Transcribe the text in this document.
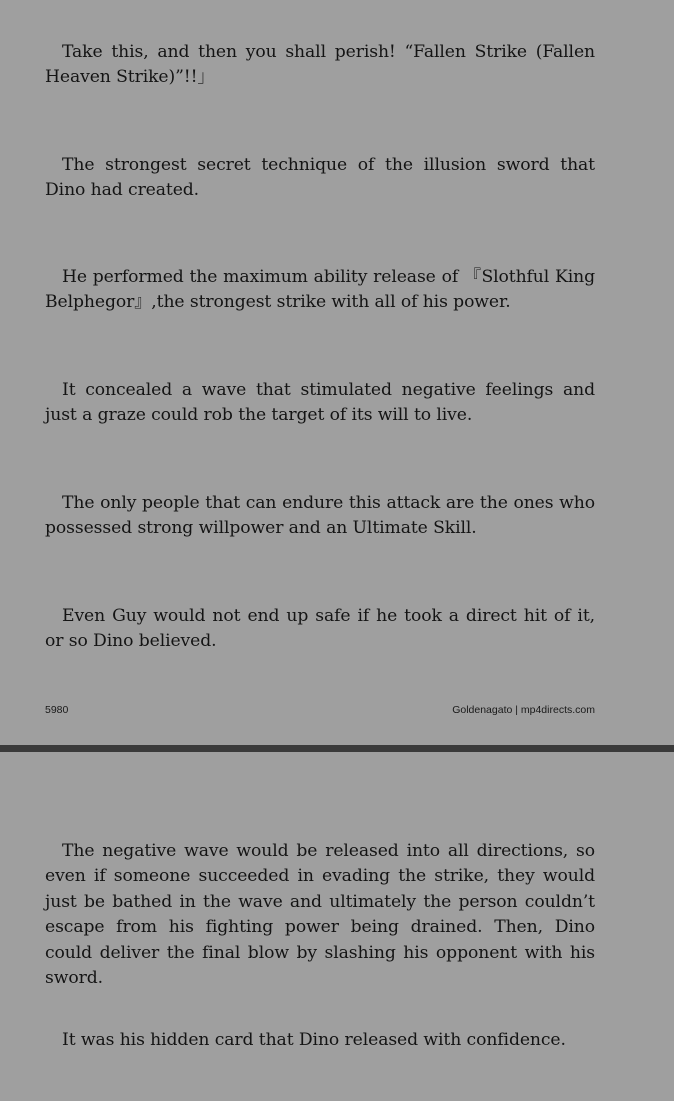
Take this, and then you shall perish! “Fallen Strike (Fallen Heaven Strike)”!!」

The strongest secret technique of the illusion sword that Dino had created.

He performed the maximum ability release of 『Slothful King Belphegor』,the strongest strike with all of his power.

It concealed a wave that stimulated negative feelings and just a graze could rob the target of its will to live.

The only people that can endure this attack are the ones who possessed strong willpower and an Ultimate Skill.

Even Guy would not end up safe if he took a direct hit of it, or so Dino believed.

5980	Goldenagato | mp4directs.com

The negative wave would be released into all directions, so even if someone succeeded in evading the strike, they would just be bathed in the wave and ultimately the person couldn’t escape from his fighting power being drained. Then, Dino could deliver the final blow by slashing his opponent with his sword.

It was his hidden card that Dino released with confidence.
